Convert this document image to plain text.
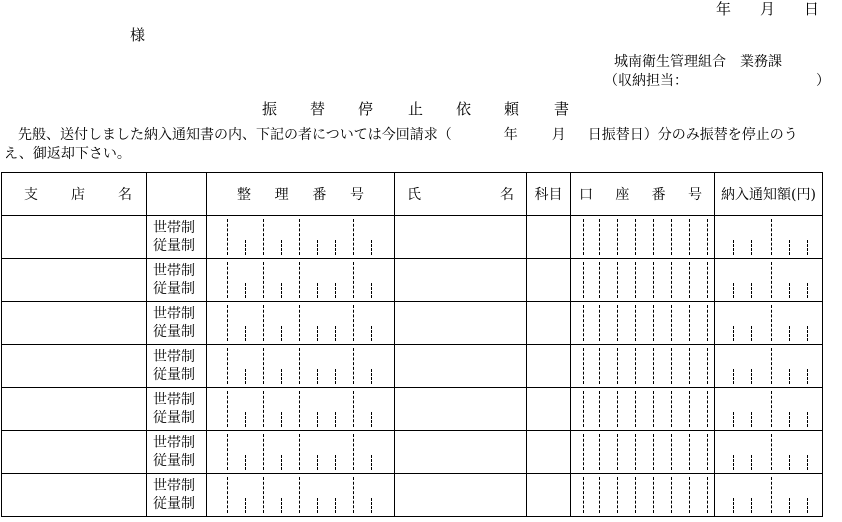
年 月 日
様
城南衛生管理組合　業務課
（収納担当：	）
振 替 停 止 依 頼 書
　先般、送付しました納入通知書の内、下記の者については今回請求（	年 月 日振替日）分のみ振替を停止のう
え、御返却下さい。
支 店 名		整 理 番 号	氏 名	科目	口 座 番 号	納入通知額(円)

	世帯制
従量制					

	世帯制
従量制					

	世帯制
従量制					

	世帯制
従量制					

	世帯制
従量制					

	世帯制
従量制					

	世帯制
従量制					
